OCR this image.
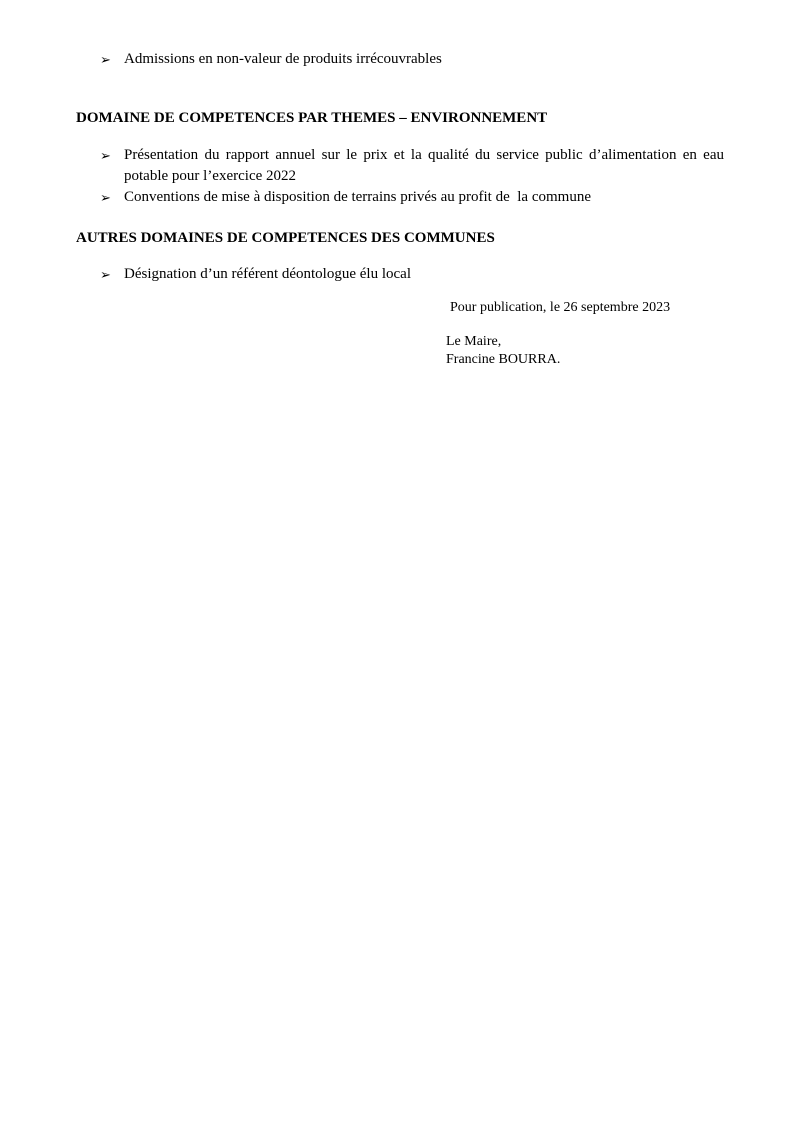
➢ Admissions en non-valeur de produits irrécouvrables
DOMAINE DE COMPETENCES PAR THEMES – ENVIRONNEMENT
➢ Présentation du rapport annuel sur le prix et la qualité du service public d’alimentation en eau potable pour l’exercice 2022
➢ Conventions de mise à disposition de terrains privés au profit de  la commune
AUTRES DOMAINES DE COMPETENCES DES COMMUNES
➢ Désignation d’un référent déontologue élu local
Pour publication, le 26 septembre 2023
Le Maire,
Francine BOURRA.
